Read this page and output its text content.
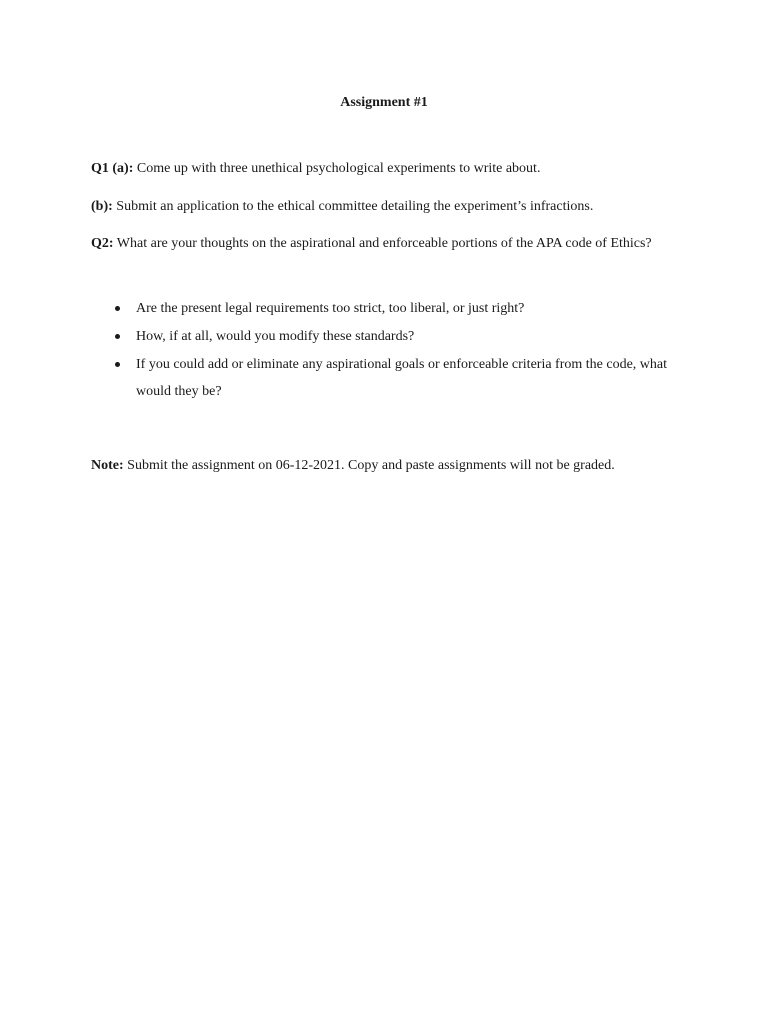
Assignment #1

Q1 (a): Come up with three unethical psychological experiments to write about.

(b): Submit an application to the ethical committee detailing the experiment’s infractions.

Q2: What are your thoughts on the aspirational and enforceable portions of the APA code of Ethics?

Are the present legal requirements too strict, too liberal, or just right?
How, if at all, would you modify these standards?
If you could add or eliminate any aspirational goals or enforceable criteria from the code, what would they be?

Note: Submit the assignment on 06-12-2021. Copy and paste assignments will not be graded.
